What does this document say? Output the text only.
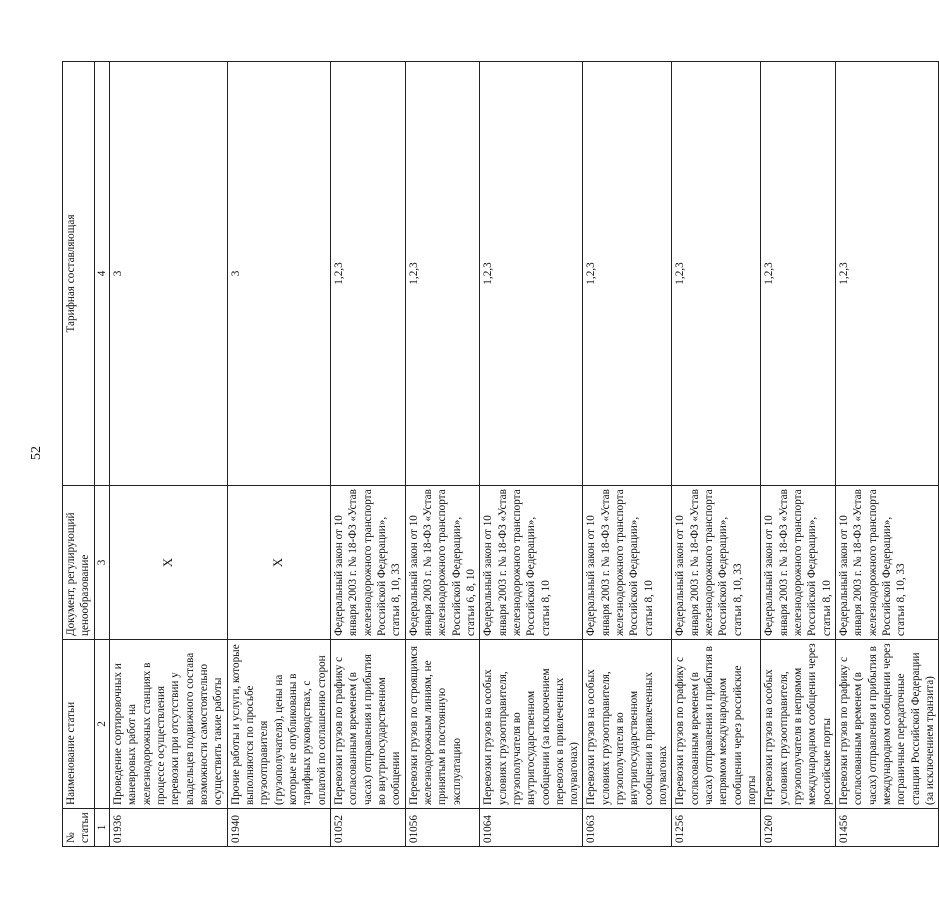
52
№ статьи	Наименование статьи	Документ, регулирующий ценообразование	Тарифная составляющая
1	2	3	4
01936	Проведение сортировочных и маневровых работ на железнодорожных станциях в процессе осуществления перевозки при отсутствии у владельцев подвижного состава возможности самостоятельно осуществить такие работы	X	3
01940	Прочие работы и услуги, которые выполняются по просьбе грузоотправителя (грузополучателя), цены на которые не опубликованы в тарифных руководствах, с оплатой по соглашению сторон	X	3
01052	Перевозки грузов по графику с согласованным временем (в часах) отправления и прибытия во внутригосударственном сообщении	Федеральный закон от 10 января 2003 г. № 18-ФЗ «Устав железнодорожного транспорта Российской Федерации», статьи 8, 10, 33	1,2,3
01056	Перевозки грузов по строящимся железнодорожным линиям, не принятым в постоянную эксплуатацию	Федеральный закон от 10 января 2003 г. № 18-ФЗ «Устав железнодорожного транспорта Российской Федерации», статьи 6, 8, 10	1,2,3
01064	Перевозки грузов на особых условиях грузоотправителя, грузополучателя во внутригосударственном сообщении (за исключением перевозок в привлеченных полувагонах)	Федеральный закон от 10 января 2003 г. № 18-ФЗ «Устав железнодорожного транспорта Российской Федерации», статьи 8, 10	1,2,3
01063	Перевозки грузов на особых условиях грузоотправителя, грузополучателя во внутригосударственном сообщении в привлеченных полувагонах	Федеральный закон от 10 января 2003 г. № 18-ФЗ «Устав железнодорожного транспорта Российской Федерации», статьи 8, 10	1,2,3
01256	Перевозки грузов по графику с согласованным временем (в часах) отправления и прибытия в непрямом международном сообщении через российские порты	Федеральный закон от 10 января 2003 г. № 18-ФЗ «Устав железнодорожного транспорта Российской Федерации», статьи 8, 10, 33	1,2,3
01260	Перевозки грузов на особых условиях грузоотправителя, грузополучателя в непрямом международном сообщении через российские порты	Федеральный закон от 10 января 2003 г. № 18-ФЗ «Устав железнодорожного транспорта Российской Федерации», статьи 8, 10	1,2,3
01456	Перевозки грузов по графику с согласованным временем (в часах) отправления и прибытия в международном сообщении через пограничные передаточные станции Российской Федерации (за исключением транзита)	Федеральный закон от 10 января 2003 г. № 18-ФЗ «Устав железнодорожного транспорта Российской Федерации», статьи 8, 10, 33	1,2,3
